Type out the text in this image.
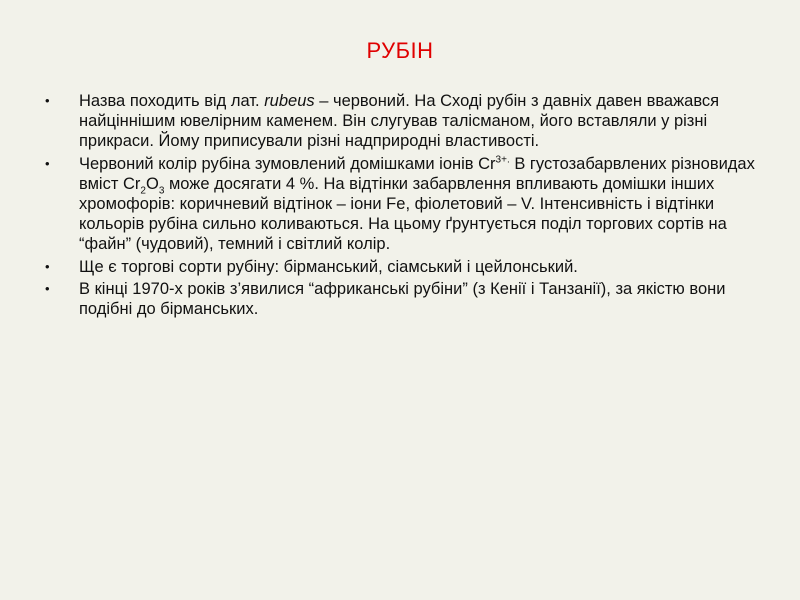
РУБІН
• Назва походить від лат. rubeus – червоний. На Сході рубін з давніх давен вважався найціннішим ювелірним каменем. Він слугував талісманом, його вставляли у різні прикраси. Йому приписували різні надприродні властивості.
• Червоний колір рубіна зумовлений домішками іонів $Cr^{3+.}$ В густозабарвлених різновидах вміст $Cr_2O_3$ може досягати 4 %. На відтінки забарвлення впливають домішки інших хромофорів: коричневий відтінок – іони Fe, фіолетовий – V. Інтенсивність і відтінки кольорів рубіна сильно коливаються. На цьому ґрунтується поділ торгових сортів на “файн” (чудовий), темний і світлий колір.
• Ще є торгові сорти рубіну: бірманський, сіамський і цейлонський.
• В кінці 1970-х років з’явилися “африканські рубіни” (з Кенії і Танзанії), за якістю вони подібні до бірманських.
